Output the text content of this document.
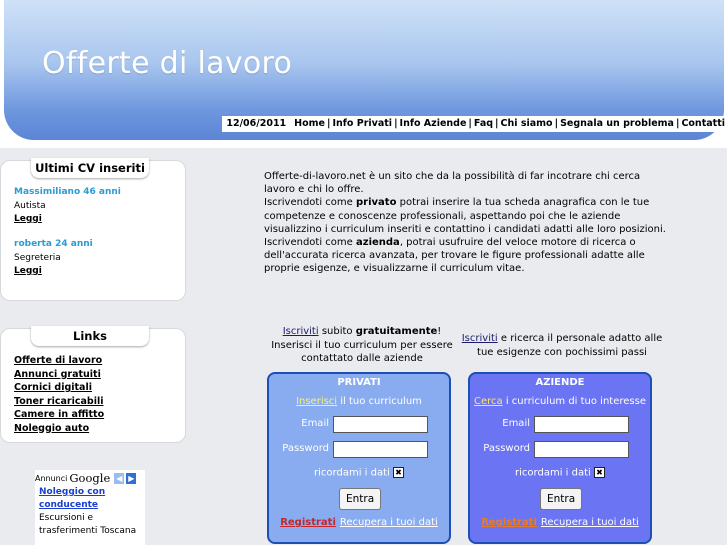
Offerte di lavoro
12/06/2011 Home | Info Privati | Info Aziende | Faq | Chi siamo | Segnala un problema | Contatti
Ultimi CV inseriti
Massimiliano 46 anni
Autista
Leggi
roberta 24 anni
Segreteria
Leggi
Links
Offerte di lavoro
Annunci gratuiti
Cornici digitali
Toner ricaricabili
Camere in affitto
Noleggio auto
Annunci Google ◀ ▶
Noleggio con conducente
Escursioni e trasferimenti Toscana
Offerte-di-lavoro.net è un sito che da la possibilità di far incotrare chi cerca lavoro e chi lo offre.
Iscrivendoti come privato potrai inserire la tua scheda anagrafica con le tue competenze e conoscenze professionali, aspettando poi che le aziende visualizzino i curriculum inseriti e contattino i candidati adatti alle loro posizioni.
Iscrivendoti come azienda, potrai usufruire del veloce motore di ricerca o dell'accurata ricerca avanzata, per trovare le figure professionali adatte alle proprie esigenze, e visualizzarne il curriculum vitae.
Iscriviti subito gratuitamente!
Inserisci il tuo curriculum per essere contattato dalle aziende
Iscriviti e ricerca il personale adatto alle tue esigenze con pochissimi passi
PRIVATI
Inserisci il tuo curriculum
Email
Password
ricordami i dati ✖
Entra
Registrati Recupera i tuoi dati
AZIENDE
Cerca i curriculum di tuo interesse
Email
Password
ricordami i dati ✖
Entra
Registrati Recupera i tuoi dati
